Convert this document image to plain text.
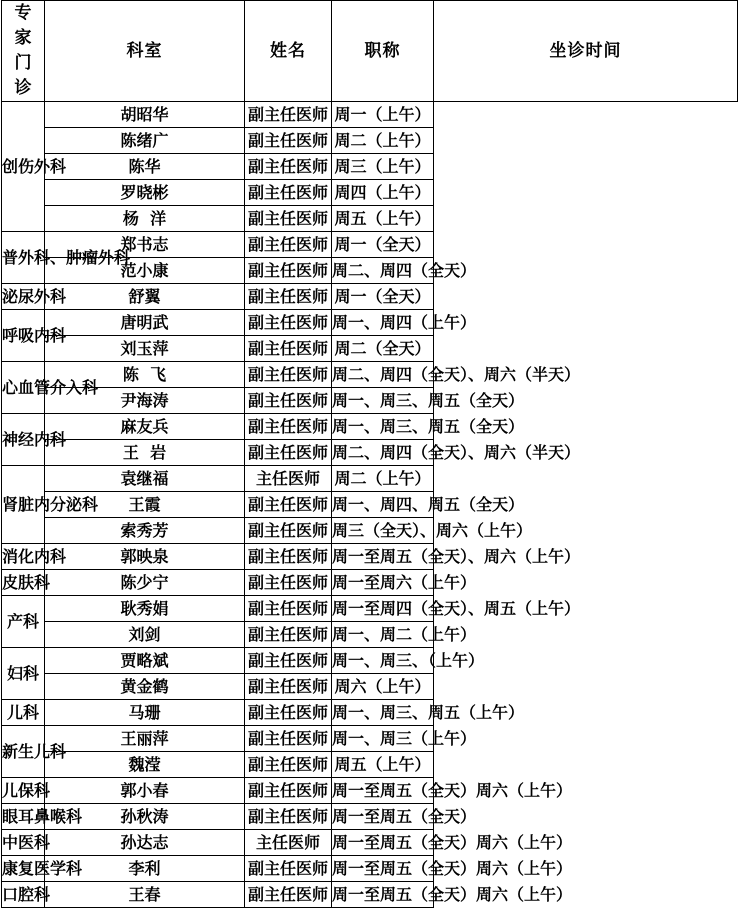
专家门诊	科室	姓名	职称	坐诊时间
创伤外科	胡昭华	副主任医师	周一（上午）	
	陈绪广	副主任医师	周二（上午）	
	陈华	副主任医师	周三（上午）	
	罗晓彬	副主任医师	周四（上午）	
	杨  洋	副主任医师	周五（上午）	
普外科、肿瘤外科	郑书志	副主任医师	周一（全天）	
	范小康	副主任医师	周二、周四（全天）	
泌尿外科	舒翼	副主任医师	周一（全天）	
呼吸内科	唐明武	副主任医师	周一、周四（上午）	
	刘玉萍	副主任医师	周二（全天）	
心血管介入科	陈  飞	副主任医师	周二、周四（全天）、周六（半天）	
	尹海涛	副主任医师	周一、周三、周五（全天）	
神经内科	麻友兵	副主任医师	周一、周三、周五（全天）	
	王  岩	副主任医师	周二、周四（全天）、周六（半天）	
肾脏内分泌科	袁继福	主任医师	周二（上午）	
	王霞	副主任医师	周一、周四、周五（全天）	
	索秀芳	副主任医师	周三（全天）、周六（上午）	
消化内科	郭映泉	副主任医师	周一至周五（全天）、周六（上午）	
皮肤科	陈少宁	副主任医师	周一至周六（上午）	
产科	耿秀娟	副主任医师	周一至周四（全天）、周五（上午）	
	刘剑	副主任医师	周一、周二（上午）	
妇科	贾略斌	副主任医师	周一、周三、（上午）	
	黄金鹤	副主任医师	周六（上午）	
儿科	马珊	副主任医师	周一、周三、周五（上午）	
新生儿科	王丽萍	副主任医师	周一、周三（上午）	
	魏滢	副主任医师	周五（上午）	
儿保科	郭小春	副主任医师	周一至周五（全天）周六（上午）	
眼耳鼻喉科	孙秋涛	副主任医师	周一至周五（全天）	
中医科	孙达志	主任医师	周一至周五（全天）周六（上午）	
康复医学科	李利	副主任医师	周一至周五（全天）周六（上午）	
口腔科	王春	副主任医师	周一至周五（全天）周六（上午）	
